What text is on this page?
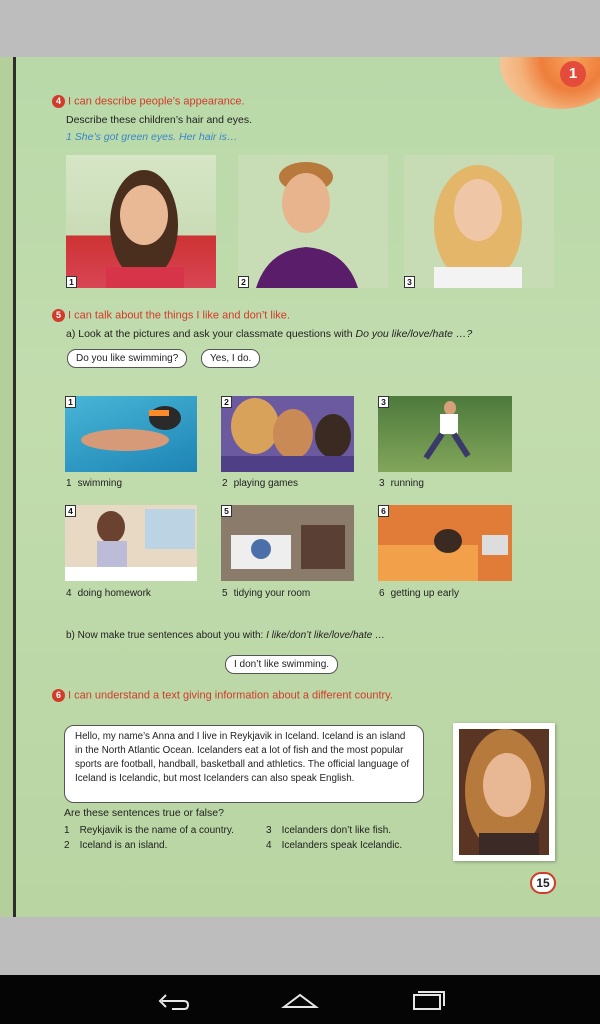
1
4 I can describe people’s appearance.
Describe these children’s hair and eyes.
1 She’s got green eyes. Her hair is…
1	2	3
5 I can talk about the things I like and don’t like.
a) Look at the pictures and ask your classmate questions with Do you like/love/hate …?
Do you like swimming?	Yes, I do.
1	2	3
1 swimming	2 playing games	3 running
4	5	6
4 doing homework	5 tidying your room	6 getting up early
b) Now make true sentences about you with: I like/don’t like/love/hate …
I don’t like swimming.
6 I can understand a text giving information about a different country.
Hello, my name’s Anna and I live in Reykjavik in Iceland. Iceland is an island in the North Atlantic Ocean. Icelanders eat a lot of fish and the most popular sports are football, handball, basketball and athletics. The official language of Iceland is Icelandic, but most Icelanders can also speak English.
Are these sentences true or false?
1 Reykjavik is the name of a country.
2 Iceland is an island.
3 Icelanders don’t like fish.
4 Icelanders speak Icelandic.
15
